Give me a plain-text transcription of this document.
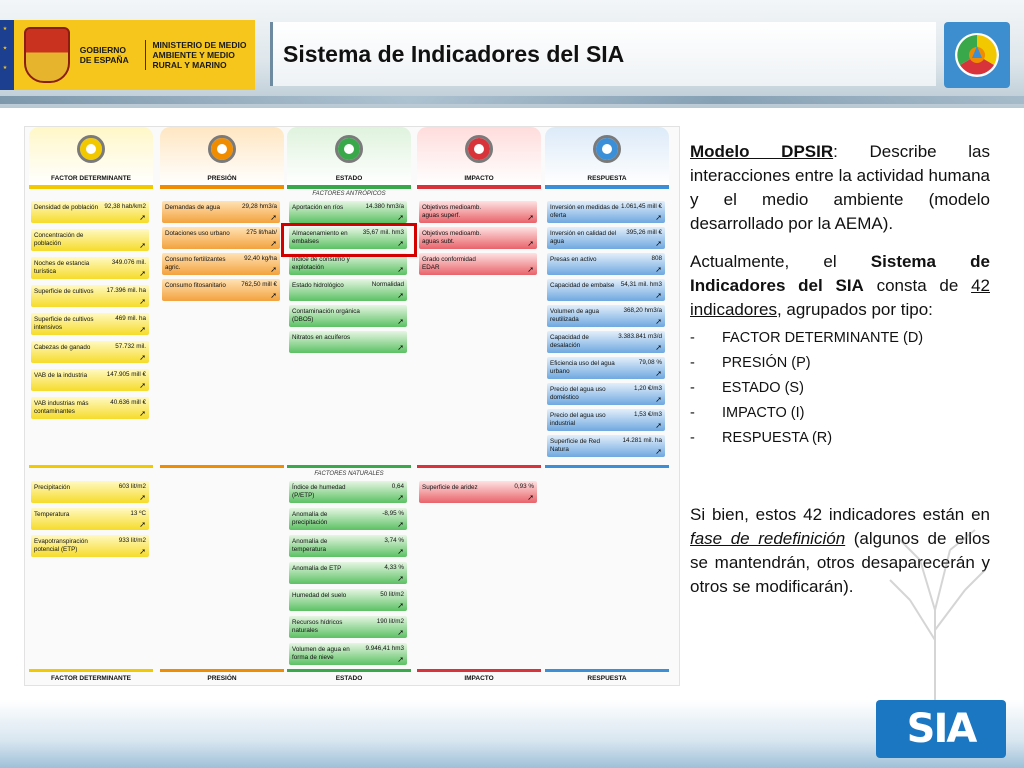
★ ★ ★
GOBIERNO DE ESPAÑA
MINISTERIO DE MEDIO AMBIENTE Y MEDIO RURAL Y MARINO	Sistema de Indicadores del SIA
FACTOR DETERMINANTE
FACTOR DETERMINANTE
PRESIÓN
PRESIÓN
ESTADO
ESTADO
IMPACTO
IMPACTO
RESPUESTA
RESPUESTA
FACTORES ANTRÓPICOS
FACTORES NATURALES
Densidad de población 92,38 hab/km2
➚
Concentración de población	➚
Noches de estancia turística
349.076 mil.
➚
Superficie de cultivos	17.396 mil. ha
➚
Superficie de cultivos intensivos
469 mil. ha
➚
Cabezas de ganado	57.732 mil.
➚
VAB de la industria	147.905 mill €
➚
VAB industrias más contaminantes
40.636 mill €
➚
Demandas de agua	29,28 hm3/a
➚
Dotaciones uso urbano	275 lit/hab/
➚
Consumo fertilizantes agric.
92,40 kg/ha
➚
Consumo fitosanitario	762,50 mill €
➚
Aportación en ríos	14.380 hm3/a
➚
Almacenamiento en embalses
35,67 mil. hm3
➚
Índice de consumo y explotación	➚
Estado hidrológico	Normalidad
➚
Contaminación orgánica (DBO5)	➚
Nitratos en acuíferos
➚
Objetivos medioamb. aguas superf.	➚
Objetivos medioamb. aguas subt.	➚
Grado conformidad EDAR	➚
Inversión en medidas de oferta
1.061,45 mill €
➚
Inversión en calidad del agua
395,26 mill €
➚
Presas en activo	808
➚
Capacidad de embalse 54,31 mil. hm3
➚
Volumen de agua reutilizada
368,20 hm3/a
➚
Capacidad de desalación
3.383.841 m3/d
➚
Eficiencia uso del agua urbano
79,08 %
➚
Precio del agua uso doméstico
1,20 €/m3
➚
Precio del agua uso industrial
1,53 €/m3
➚
Superficie de Red Natura
14.281 mil. ha
➚
Precipitación	603 lit/m2
➚
Temperatura	13 ºC
➚
Evapotranspiración potencial (ETP)
933 lit/m2
➚
Índice de humedad (P/ETP)
0,64
➚
Anomalía de precipitación
-8,95 %
➚
Anomalía de temperatura
3,74 %
➚
Anomalía de ETP	4,33 %
➚
Humedad del suelo	50 lit/m2
➚
Recursos hídricos naturales
190 lit/m2
➚
Volumen de agua en forma de nieve
9.946,41 hm3
➚
Superficie de aridez	0,93 %
➚

Modelo DPSIR: Describe las interacciones entre la actividad humana y el medio ambiente (modelo desarrollado por la AEMA).

Actualmente, el Sistema de Indicadores del SIA consta de 42 indicadores, agrupados por tipo:

- FACTOR DETERMINANTE (D)
- PRESIÓN (P)
- ESTADO (S)
- IMPACTO (I)
- RESPUESTA (R)

Si bien, estos 42 indicadores están en fase de redefinición (algunos de ellos se mantendrán, otros desaparecerán y otros se modificarán).

SIA
